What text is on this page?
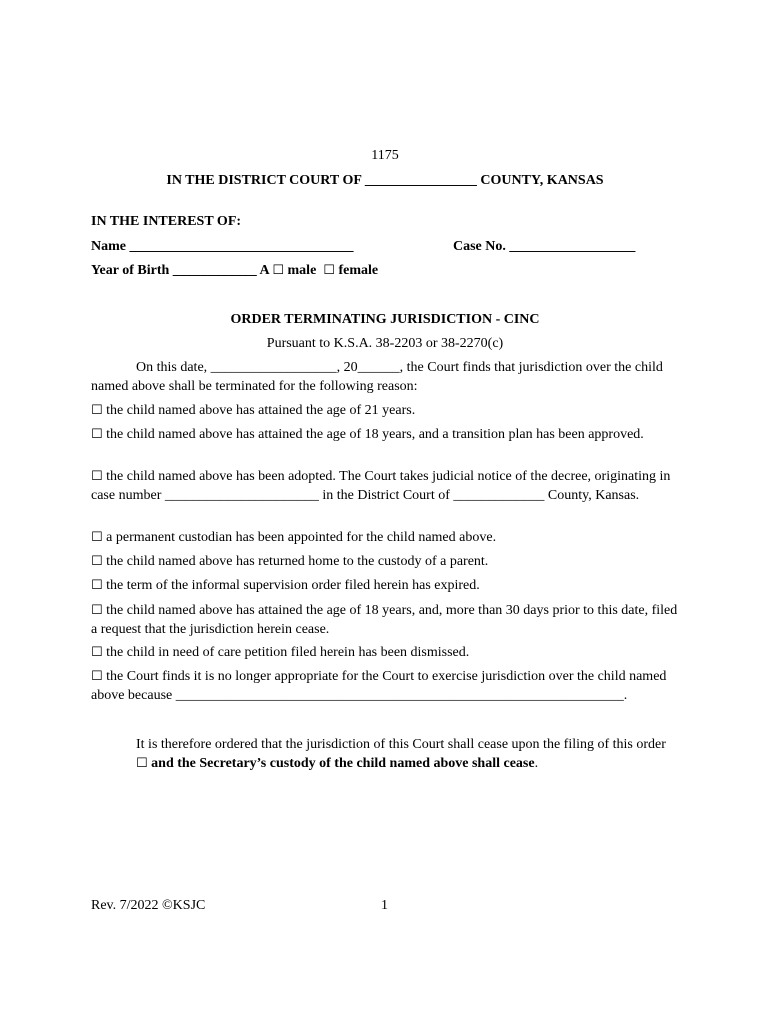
1175
IN THE DISTRICT COURT OF ________________ COUNTY, KANSAS
IN THE INTEREST OF:
Name ________________________________	Case No. __________________
Year of Birth ____________ A ☐ male ☐ female
ORDER TERMINATING JURISDICTION - CINC
Pursuant to K.S.A. 38-2203 or 38-2270(c)
On this date, __________________, 20______, the Court finds that jurisdiction over the child named above shall be terminated for the following reason:
☐ the child named above has attained the age of 21 years.
☐ the child named above has attained the age of 18 years, and a transition plan has been approved.
☐ the child named above has been adopted. The Court takes judicial notice of the decree, originating in case number ______________________ in the District Court of _____________ County, Kansas.
☐ a permanent custodian has been appointed for the child named above.
☐ the child named above has returned home to the custody of a parent.
☐ the term of the informal supervision order filed herein has expired.
☐ the child named above has attained the age of 18 years, and, more than 30 days prior to this date, filed a request that the jurisdiction herein cease.
☐ the child in need of care petition filed herein has been dismissed.
☐ the Court finds it is no longer appropriate for the Court to exercise jurisdiction over the child named above because ________________________________________________________________.
It is therefore ordered that the jurisdiction of this Court shall cease upon the filing of this order ☐ and the Secretary’s custody of the child named above shall cease.
Rev. 7/2022 ©KSJC	1
